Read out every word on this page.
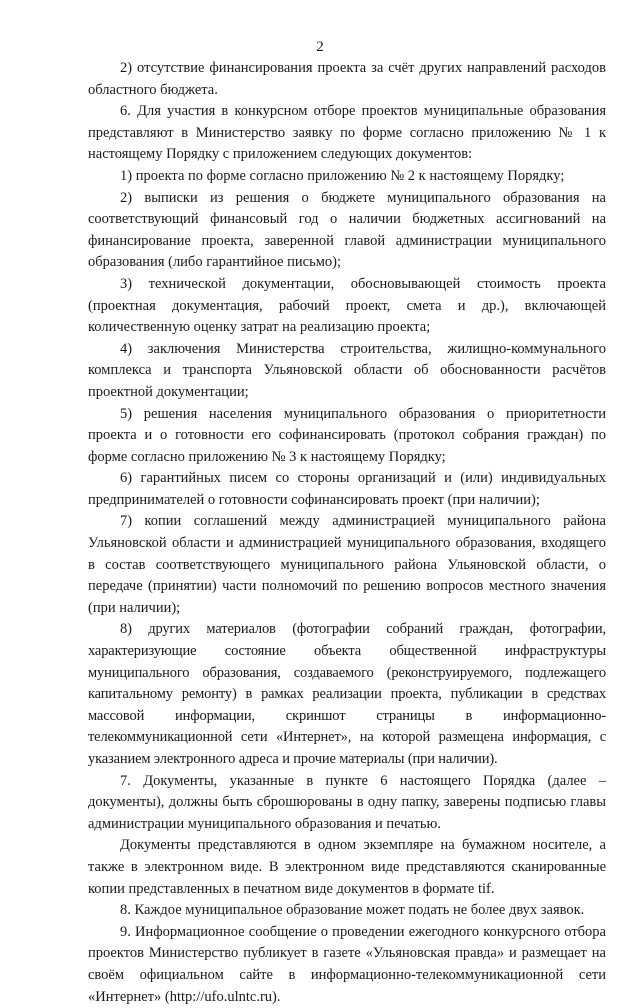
2

2) отсутствие финансирования проекта за счёт других направлений расходов областного бюджета.

6. Для участия в конкурсном отборе проектов муниципальные образования представляют в Министерство заявку по форме согласно приложению № 1 к настоящему Порядку с приложением следующих документов:

1) проекта по форме согласно приложению № 2 к настоящему Порядку;

2) выписки из решения о бюджете муниципального образования на соответствующий финансовый год о наличии бюджетных ассигнований на финансирование проекта, заверенной главой администрации муниципального образования (либо гарантийное письмо);

3) технической документации, обосновывающей стоимость проекта (проектная документация, рабочий проект, смета и др.), включающей количественную оценку затрат на реализацию проекта;

4) заключения Министерства строительства, жилищно-коммунального комплекса и транспорта Ульяновской области об обоснованности расчётов проектной документации;

5) решения населения муниципального образования о приоритетности проекта и о готовности его софинансировать (протокол собрания граждан) по форме согласно приложению № 3 к настоящему Порядку;

6) гарантийных писем со стороны организаций и (или) индивидуальных предпринимателей о готовности софинансировать проект (при наличии);

7) копии соглашений между администрацией муниципального района Ульяновской области и администрацией муниципального образования, входящего в состав соответствующего муниципального района Ульяновской области, о передаче (принятии) части полномочий по решению вопросов местного значения (при наличии);

8) других материалов (фотографии собраний граждан, фотографии, характеризующие состояние объекта общественной инфраструктуры муниципального образования, создаваемого (реконструируемого, подлежащего капитальному ремонту) в рамках реализации проекта, публикации в средствах массовой информации, скриншот страницы в информационно-телекоммуникационной сети «Интернет», на которой размещена информация, с указанием электронного адреса и прочие материалы (при наличии).

7. Документы, указанные в пункте 6 настоящего Порядка (далее – документы), должны быть сброшюрованы в одну папку, заверены подписью главы администрации муниципального образования и печатью.

Документы представляются в одном экземпляре на бумажном носителе, а также в электронном виде. В электронном виде представляются сканированные копии представленных в печатном виде документов в формате tif.

8. Каждое муниципальное образование может подать не более двух заявок.

9. Информационное сообщение о проведении ежегодного конкурсного отбора проектов Министерство публикует в газете «Ульяновская правда» и размещает на своём официальном сайте в информационно-телекоммуникационной сети «Интернет» (http://ufo.ulntc.ru).
